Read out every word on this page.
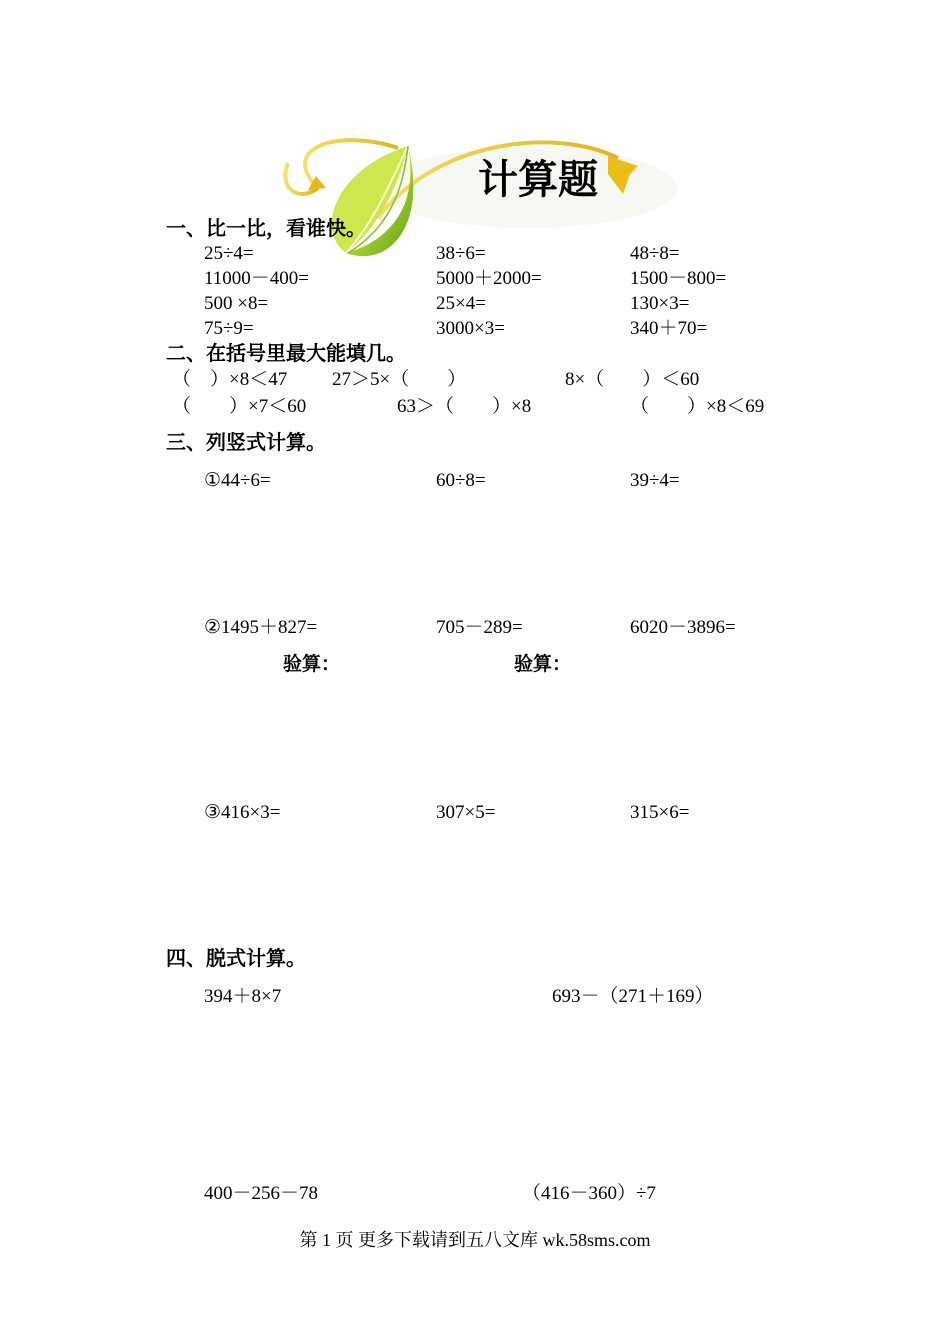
计算题
一、比一比，看谁快。
25÷4=	38÷6=	48÷8=
11000－400=	5000＋2000=	1500－800=
500 ×8=	25×4=	130×3=
75÷9=	3000×3=	340＋70=
二、在括号里最大能填几。
（　）×8＜47 27＞5×（　　）	8×（　　）＜60
（　　）×7＜60	63＞（　　）×8	（　　）×8＜69
三、列竖式计算。
①44÷6=	60÷8=	39÷4=
②1495＋827=	705－289=	6020－3896=
验算：	验算：
③416×3=	307×5=	315×6=
四、脱式计算。
394＋8×7	693－（271＋169）
400－256－78	（416－360）÷7
第 1 页 更多下载请到五八文库 wk.58sms.com
